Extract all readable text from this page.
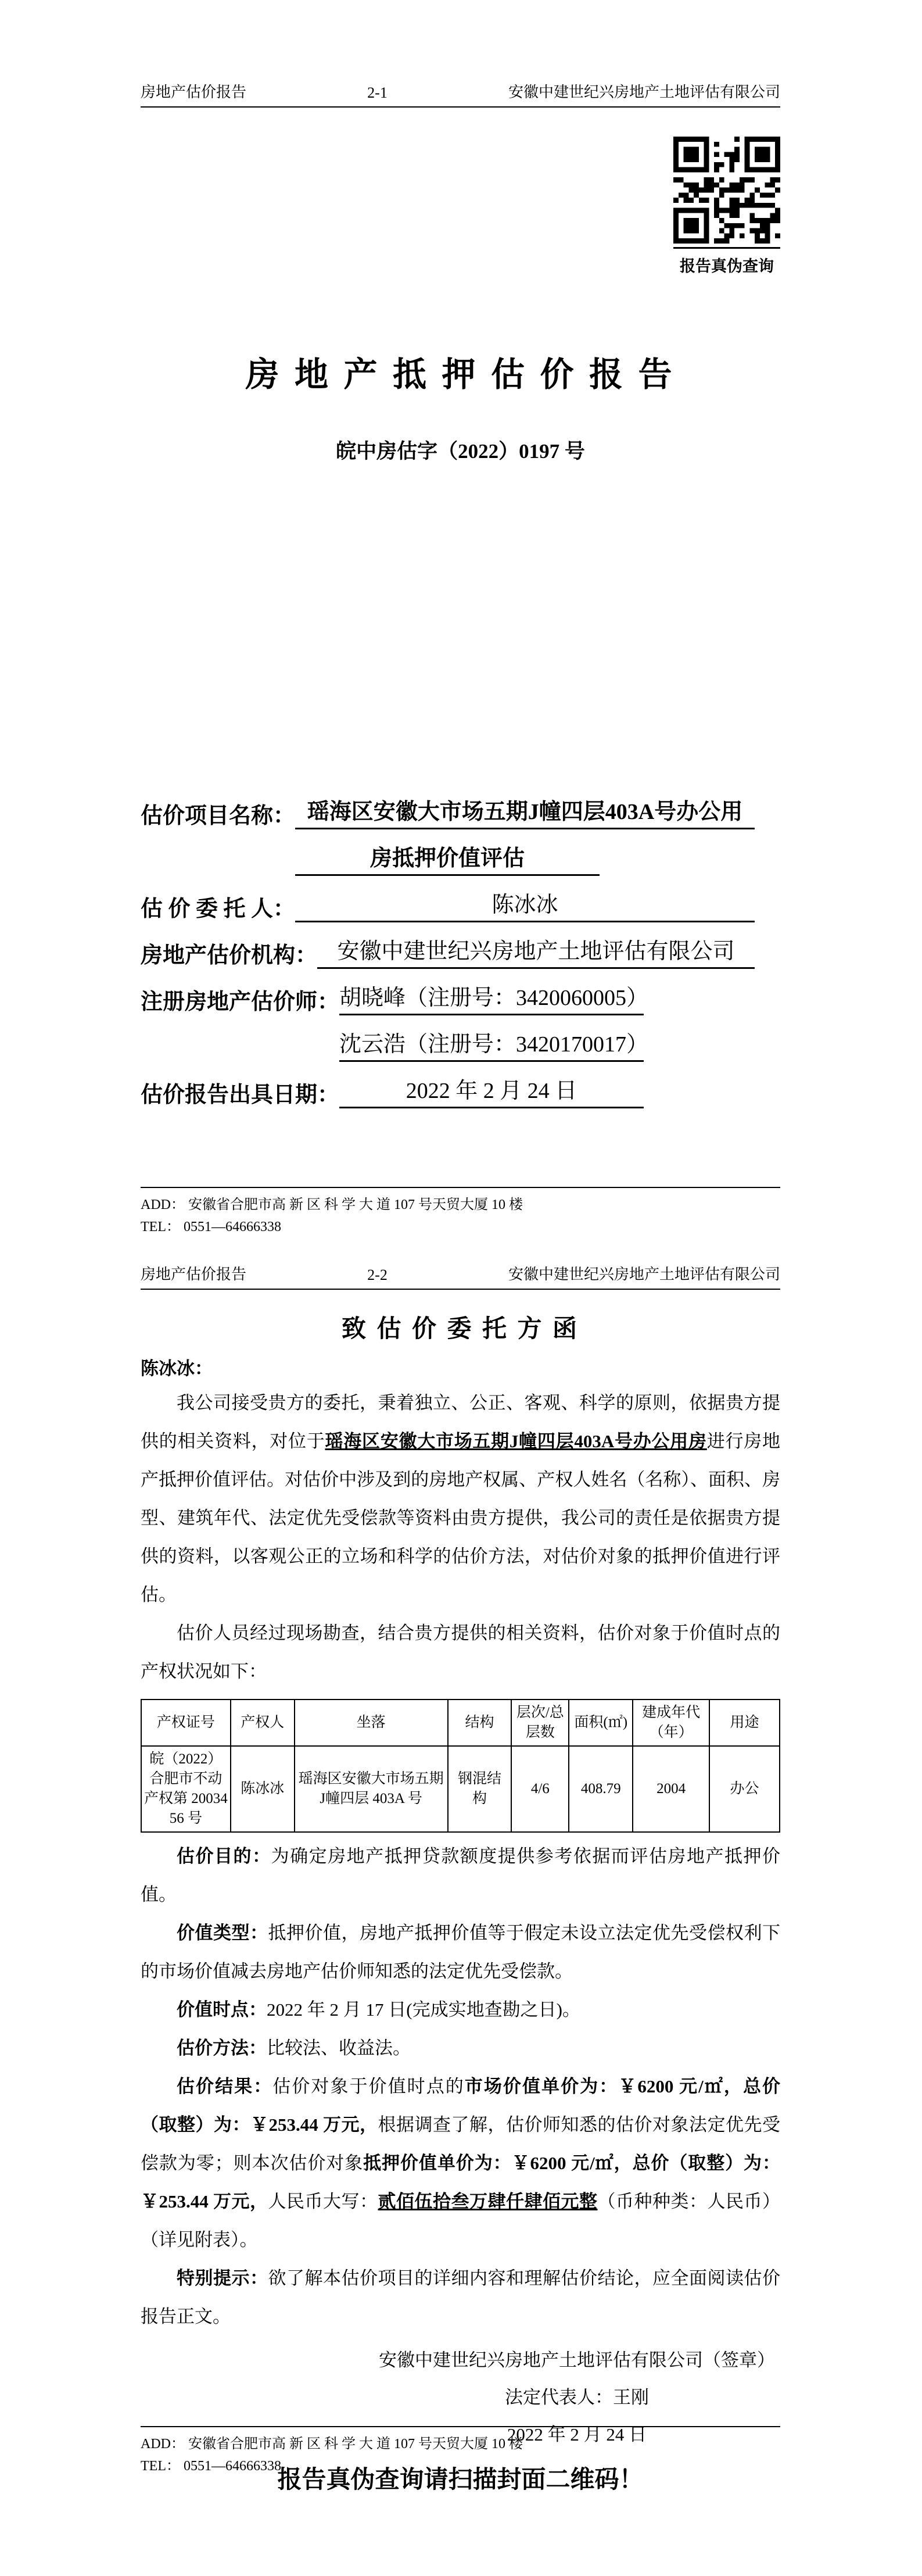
房地产估价报告	2-1	安徽中建世纪兴房地产土地评估有限公司
报告真伪查询
房 地 产 抵 押 估 价 报 告
皖中房估字（2022）0197 号
估价项目名称： 瑶海区安徽大市场五期J幢四层403A号办公用
房抵押价值评估
估 价 委 托 人：	陈冰冰
房地产估价机构： 安徽中建世纪兴房地产土地评估有限公司
注册房地产估价师： 胡晓峰（注册号：3420060005）
沈云浩（注册号：3420170017）
估价报告出具日期：	2022 年 2 月 24 日
ADD： 安徽省合肥市高 新 区 科 学 大 道 107 号天贸大厦 10 楼
TEL： 0551—64666338
房地产估价报告	2-2	安徽中建世纪兴房地产土地评估有限公司
致 估 价 委 托 方 函
陈冰冰：

我公司接受贵方的委托，秉着独立、公正、客观、科学的原则，依据贵方提供的相关资料，对位于瑶海区安徽大市场五期J幢四层403A号办公用房进行房地产抵押价值评估。对估价中涉及到的房地产权属、产权人姓名（名称）、面积、房型、建筑年代、法定优先受偿款等资料由贵方提供，我公司的责任是依据贵方提供的资料，以客观公正的立场和科学的估价方法，对估价对象的抵押价值进行评估。

估价人员经过现场勘查，结合贵方提供的相关资料，估价对象于价值时点的产权状况如下：

产权证号	产权人	坐落	结构	层次/总层数	面积(㎡)	建成年代（年）	用途
皖（2022）合肥市不动产权第 2003456 号	陈冰冰	瑶海区安徽大市场五期J幢四层 403A 号	钢混结构	4/6	408.79	2004	办公

估价目的：为确定房地产抵押贷款额度提供参考依据而评估房地产抵押价值。

价值类型：抵押价值，房地产抵押价值等于假定未设立法定优先受偿权利下的市场价值减去房地产估价师知悉的法定优先受偿款。

价值时点：2022 年 2 月 17 日(完成实地查勘之日)。

估价方法：比较法、收益法。

估价结果：估价对象于价值时点的市场价值单价为：￥6200 元/㎡，总价（取整）为：￥253.44 万元，根据调查了解，估价师知悉的估价对象法定优先受偿款为零；则本次估价对象抵押价值单价为：￥6200 元/㎡，总价（取整）为：￥253.44 万元，人民币大写：贰佰伍拾叁万肆仟肆佰元整（币种种类：人民币）（详见附表）。

特别提示：欲了解本估价项目的详细内容和理解估价结论，应全面阅读估价报告正文。

安徽中建世纪兴房地产土地评估有限公司（签章）
法定代表人：王刚
2022 年 2 月 24 日
报告真伪查询请扫描封面二维码！
ADD： 安徽省合肥市高 新 区 科 学 大 道 107 号天贸大厦 10 楼
TEL： 0551—64666338
